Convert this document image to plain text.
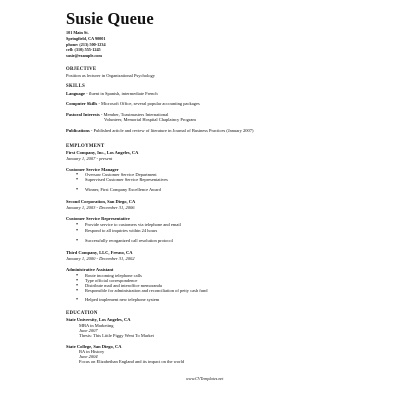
Susie Queue
101 Main St.
Springfield, CA 90001
phone: (213) 500-1234
cell: (310) 555-1245
susie@example.com
OBJECTIVE
Position as lecturer in Organizational Psychology
SKILLS
Language - fluent in Spanish, intermediate French
Computer Skills - Microsoft Office, several popular accounting packages
Pastoral Interests - Member, Toastmasters International
Volunteer, Memorial Hospital Chaplaincy Program
Publications - Published article and review of literature in Journal of Business Practices (January 2007)
EMPLOYMENT
First Company, Inc., Los Angeles, CA
January 1, 2007 - present
Customer Service Manager
• Oversaw Customer Service Department
• Supervised Customer Service Representatives
• Winner, First Company Excellence Award
Second Corporation, San Diego, CA
January 1, 2003 - December 31, 2006
Customer Service Representative
• Provide service to customers via telephone and email
• Respond to all inquiries within 24 hours
• Successfully reorganized call resolution protocol
Third Company, LLC, Fresno, CA
January 1, 2000 - December 31, 2002
Administrative Assistant
• Route incoming telephone calls
• Type official correspondence
• Distribute mail and interoffice memoranda
• Responsible for administration and reconciliation of petty cash fund
• Helped implement new telephone system
EDUCATION
State University, Los Angeles, CA
MBA in Marketing
June 2007
Thesis: This Little Piggy Went To Market
State College, San Diego, CA
BA in History
June 2004
Focus on Elizabethan England and its impact on the world
www.CVTemplates.net
